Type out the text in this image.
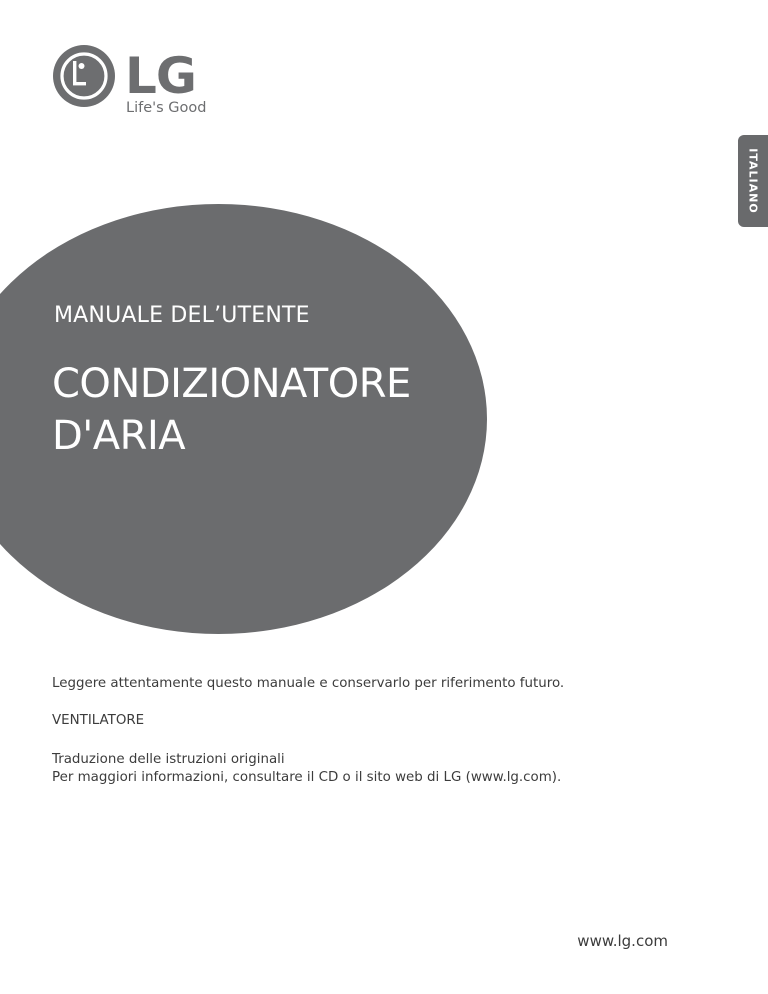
LG
Life's Good
ITALIANO
MANUALE DEL’UTENTE
CONDIZIONATORE
D'ARIA
Leggere attentamente questo manuale e conservarlo per riferimento futuro.
VENTILATORE
Traduzione delle istruzioni originali
Per maggiori informazioni, consultare il CD o il sito web di LG (www.lg.com).
www.lg.com
